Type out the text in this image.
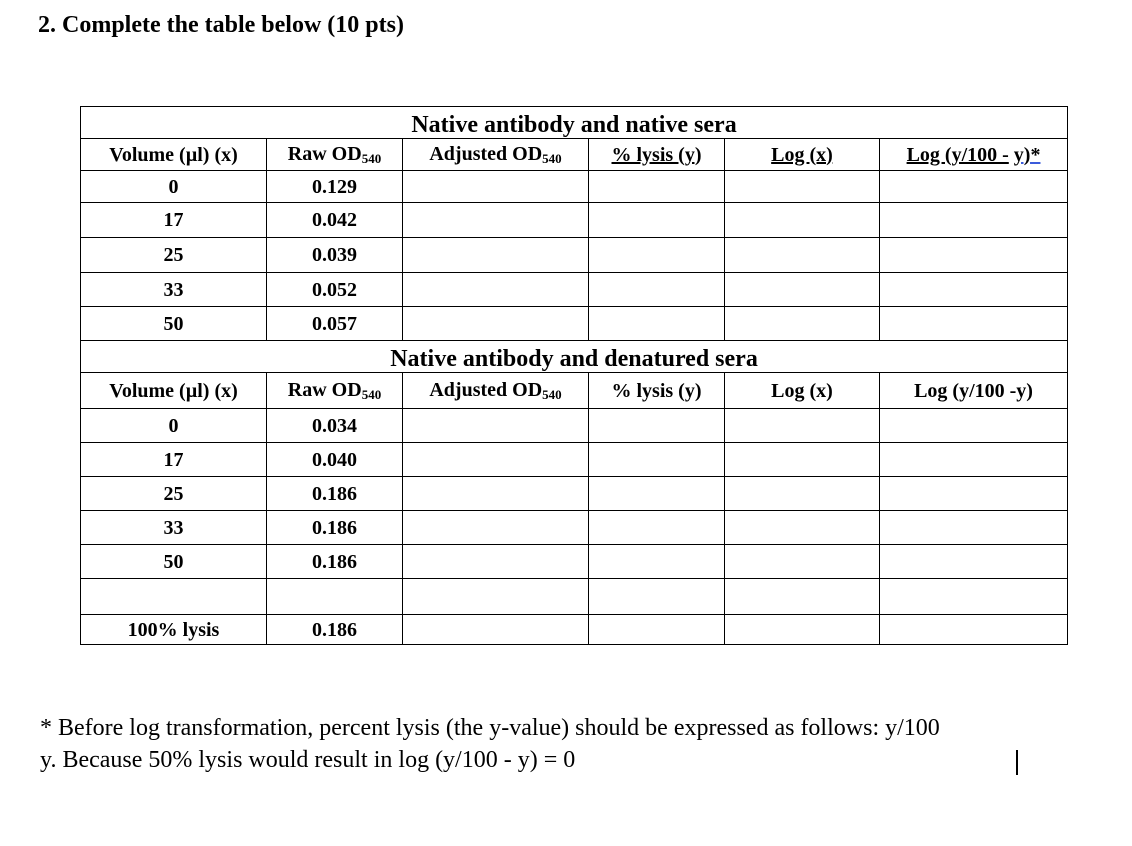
2. Complete the table below (10 pts)
Native antibody and native sera					
Volume (µl) (x)	Raw $OD_{540}$	Adjusted $OD_{540}$	% lysis (y)	Log (x)	Log (y/100 - y)*
0	0.129				
17	0.042				
25	0.039				
33	0.052				
50	0.057				
Native antibody and denatured sera					
Volume (µl) (x)	Raw $OD_{540}$	Adjusted $OD_{540}$	% lysis (y)	Log (x)	Log (y/100 -y)
0	0.034				
17	0.040				
25	0.186				
33	0.186				
50	0.186				

100% lysis	0.186				

* Before log transformation, percent lysis (the y-value) should be expressed as follows: y/100
y. Because 50% lysis would result in log (y/100 - y) = 0
